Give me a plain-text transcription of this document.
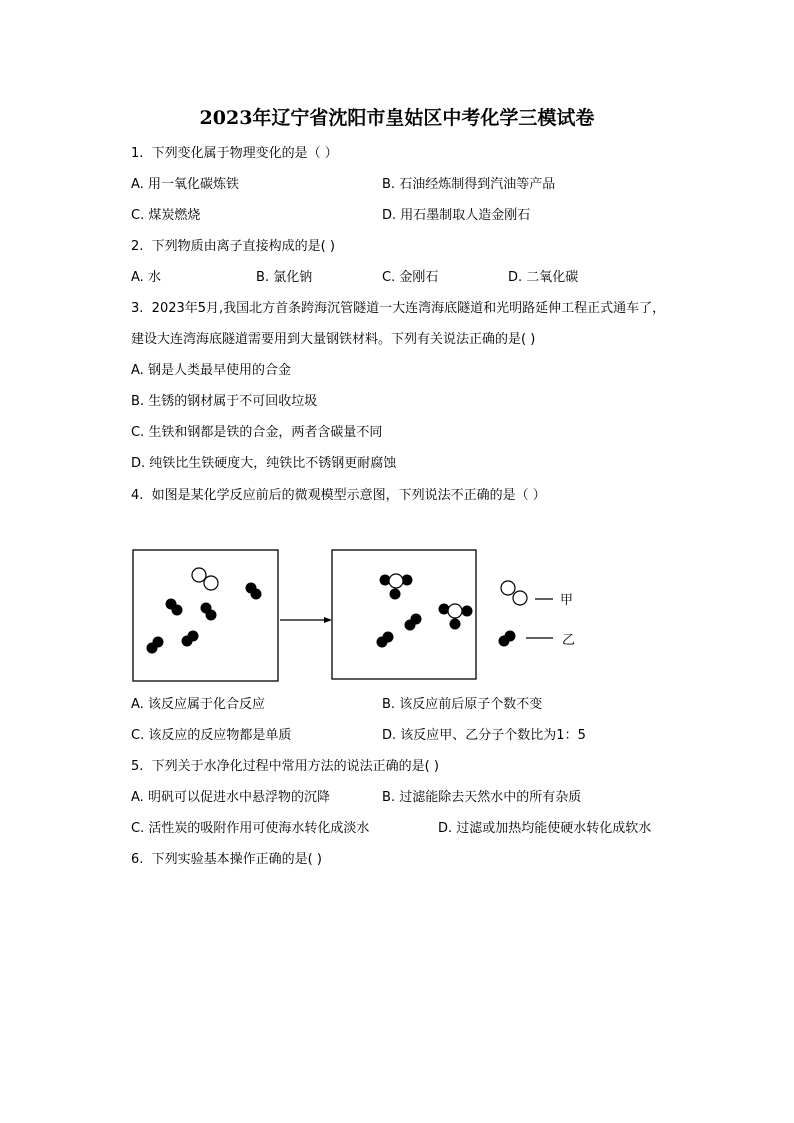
2023年辽宁省沈阳市皇姑区中考化学三模试卷
1. 下列变化属于物理变化的是（ ）
A. 用一氧化碳炼铁	B. 石油经炼制得到汽油等产品
C. 煤炭燃烧	D. 用石墨制取人造金刚石
2. 下列物质由离子直接构成的是( )
A. 水	B. 氯化钠	C. 金刚石	D. 二氧化碳
3. 2023年5月,我国北方首条跨海沉管隧道一大连湾海底隧道和光明路延伸工程正式通车了，
建设大连湾海底隧道需要用到大量钢铁材料。下列有关说法正确的是( )
A. 钢是人类最早使用的合金
B. 生锈的钢材属于不可回收垃圾
C. 生铁和钢都是铁的合金，两者含碳量不同
D. 纯铁比生铁硬度大，纯铁比不锈钢更耐腐蚀
4. 如图是某化学反应前后的微观模型示意图，下列说法不正确的是（ ）
甲
乙
A. 该反应属于化合反应	B. 该反应前后原子个数不变
C. 该反应的反应物都是单质	D. 该反应甲、乙分子个数比为1：5
5. 下列关于水净化过程中常用方法的说法正确的是( )
A. 明矾可以促进水中悬浮物的沉降	B. 过滤能除去天然水中的所有杂质
C. 活性炭的吸附作用可使海水转化成淡水	D. 过滤或加热均能使硬水转化成软水
6. 下列实验基本操作正确的是( )
